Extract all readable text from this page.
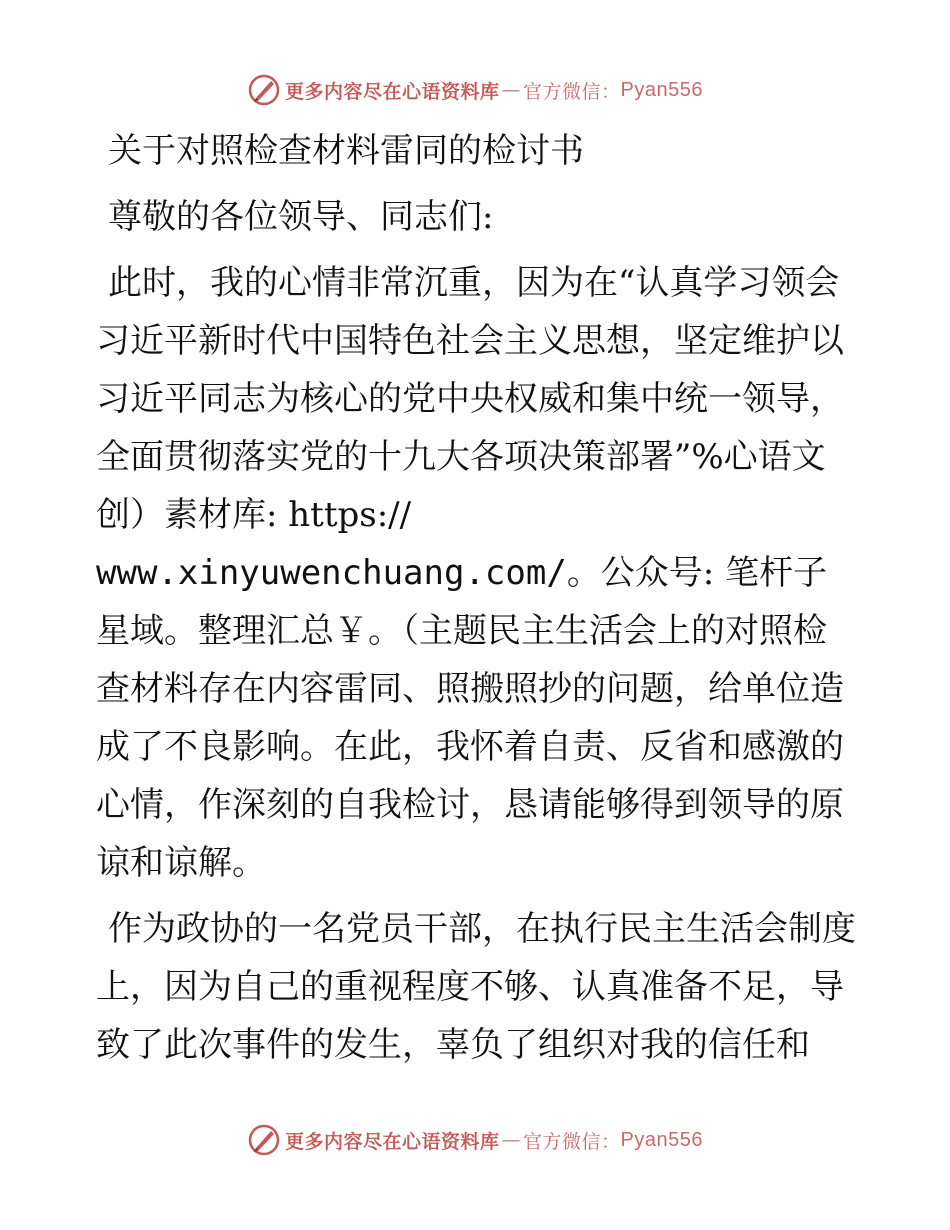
更多内容尽在心语资料库 — 官方微信： Pyan556

关于对照检查材料雷同的检讨书

尊敬的各位领导、同志们:

此时，我的心情非常沉重，因为在“认真学习领会习近平新时代中国特色社会主义思想，坚定维护以习近平同志为核心的党中央权威和集中统一领导，全面贯彻落实党的十九大各项决策部署”%心语文创）素材库: https://
www.xinyuwenchuang.com/。公众号: 笔杆子星域。整理汇总￥。（主题民主生活会上的对照检查材料存在内容雷同、照搬照抄的问题，给单位造成了不良影响。在此，我怀着自责、反省和感激的心情，作深刻的自我检讨，恳请能够得到领导的原谅和谅解。

作为政协的一名党员干部，在执行民主生活会制度上，因为自己的重视程度不够、认真准备不足，导致了此次事件的发生，辜负了组织对我的信任和

更多内容尽在心语资料库 — 官方微信： Pyan556
